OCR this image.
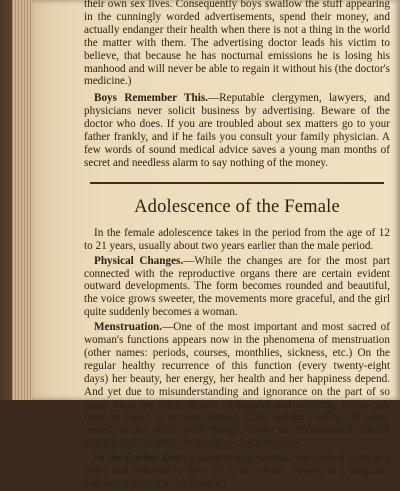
their own sex lives. Consequently boys swallow the stuff appearing in the cunningly worded advertisements, spend their money, and actually endanger their health when there is not a thing in the world the matter with them. The advertising doctor leads his victim to believe, that because he has nocturnal emissions he is losing his manhood and will never be able to regain it without his (the doctor's medicine.)

Boys Remember This.—Reputable clergymen, lawyers, and physicians never solicit business by advertising. Beware of the doctor who does. If you are troubled about sex matters go to your father frankly, and if he fails you consult your family physician. A few words of sound medical advice saves a young man months of secret and needless alarm to say nothing of the money.

Adolescence of the Female

In the female adolescence takes in the period from the age of 12 to 21 years, usually about two years earlier than the male period.

Physical Changes.—While the changes are for the most part connected with the reproductive organs there are certain evident outward developments. The form becomes rounded and beautiful, the voice grows sweeter, the movements more graceful, and the girl quite suddenly becomes a woman.

Menstruation.—One of the most important and most sacred of woman's functions appears now in the phenomena of menstruation (other names: periods, courses, monthlies, sickness, etc.) On the regular healthy recurrence of this function (every twenty-eight days) her beauty, her energy, her health and her happiness depend. And yet due to misunderstanding and ignorance on the part of so many these are often periods of anguish and suffering. Great care must be taken to prevent fatigue, chill, sudden cooling off when heated, or any other quick change. Under no circumstances should any attempt whatever be made to check the flow.

In the Earlier Days a menstruating woman was looked upon as a witch and believed to have all of the mystic powers of a magician and was a person to be shunned.
